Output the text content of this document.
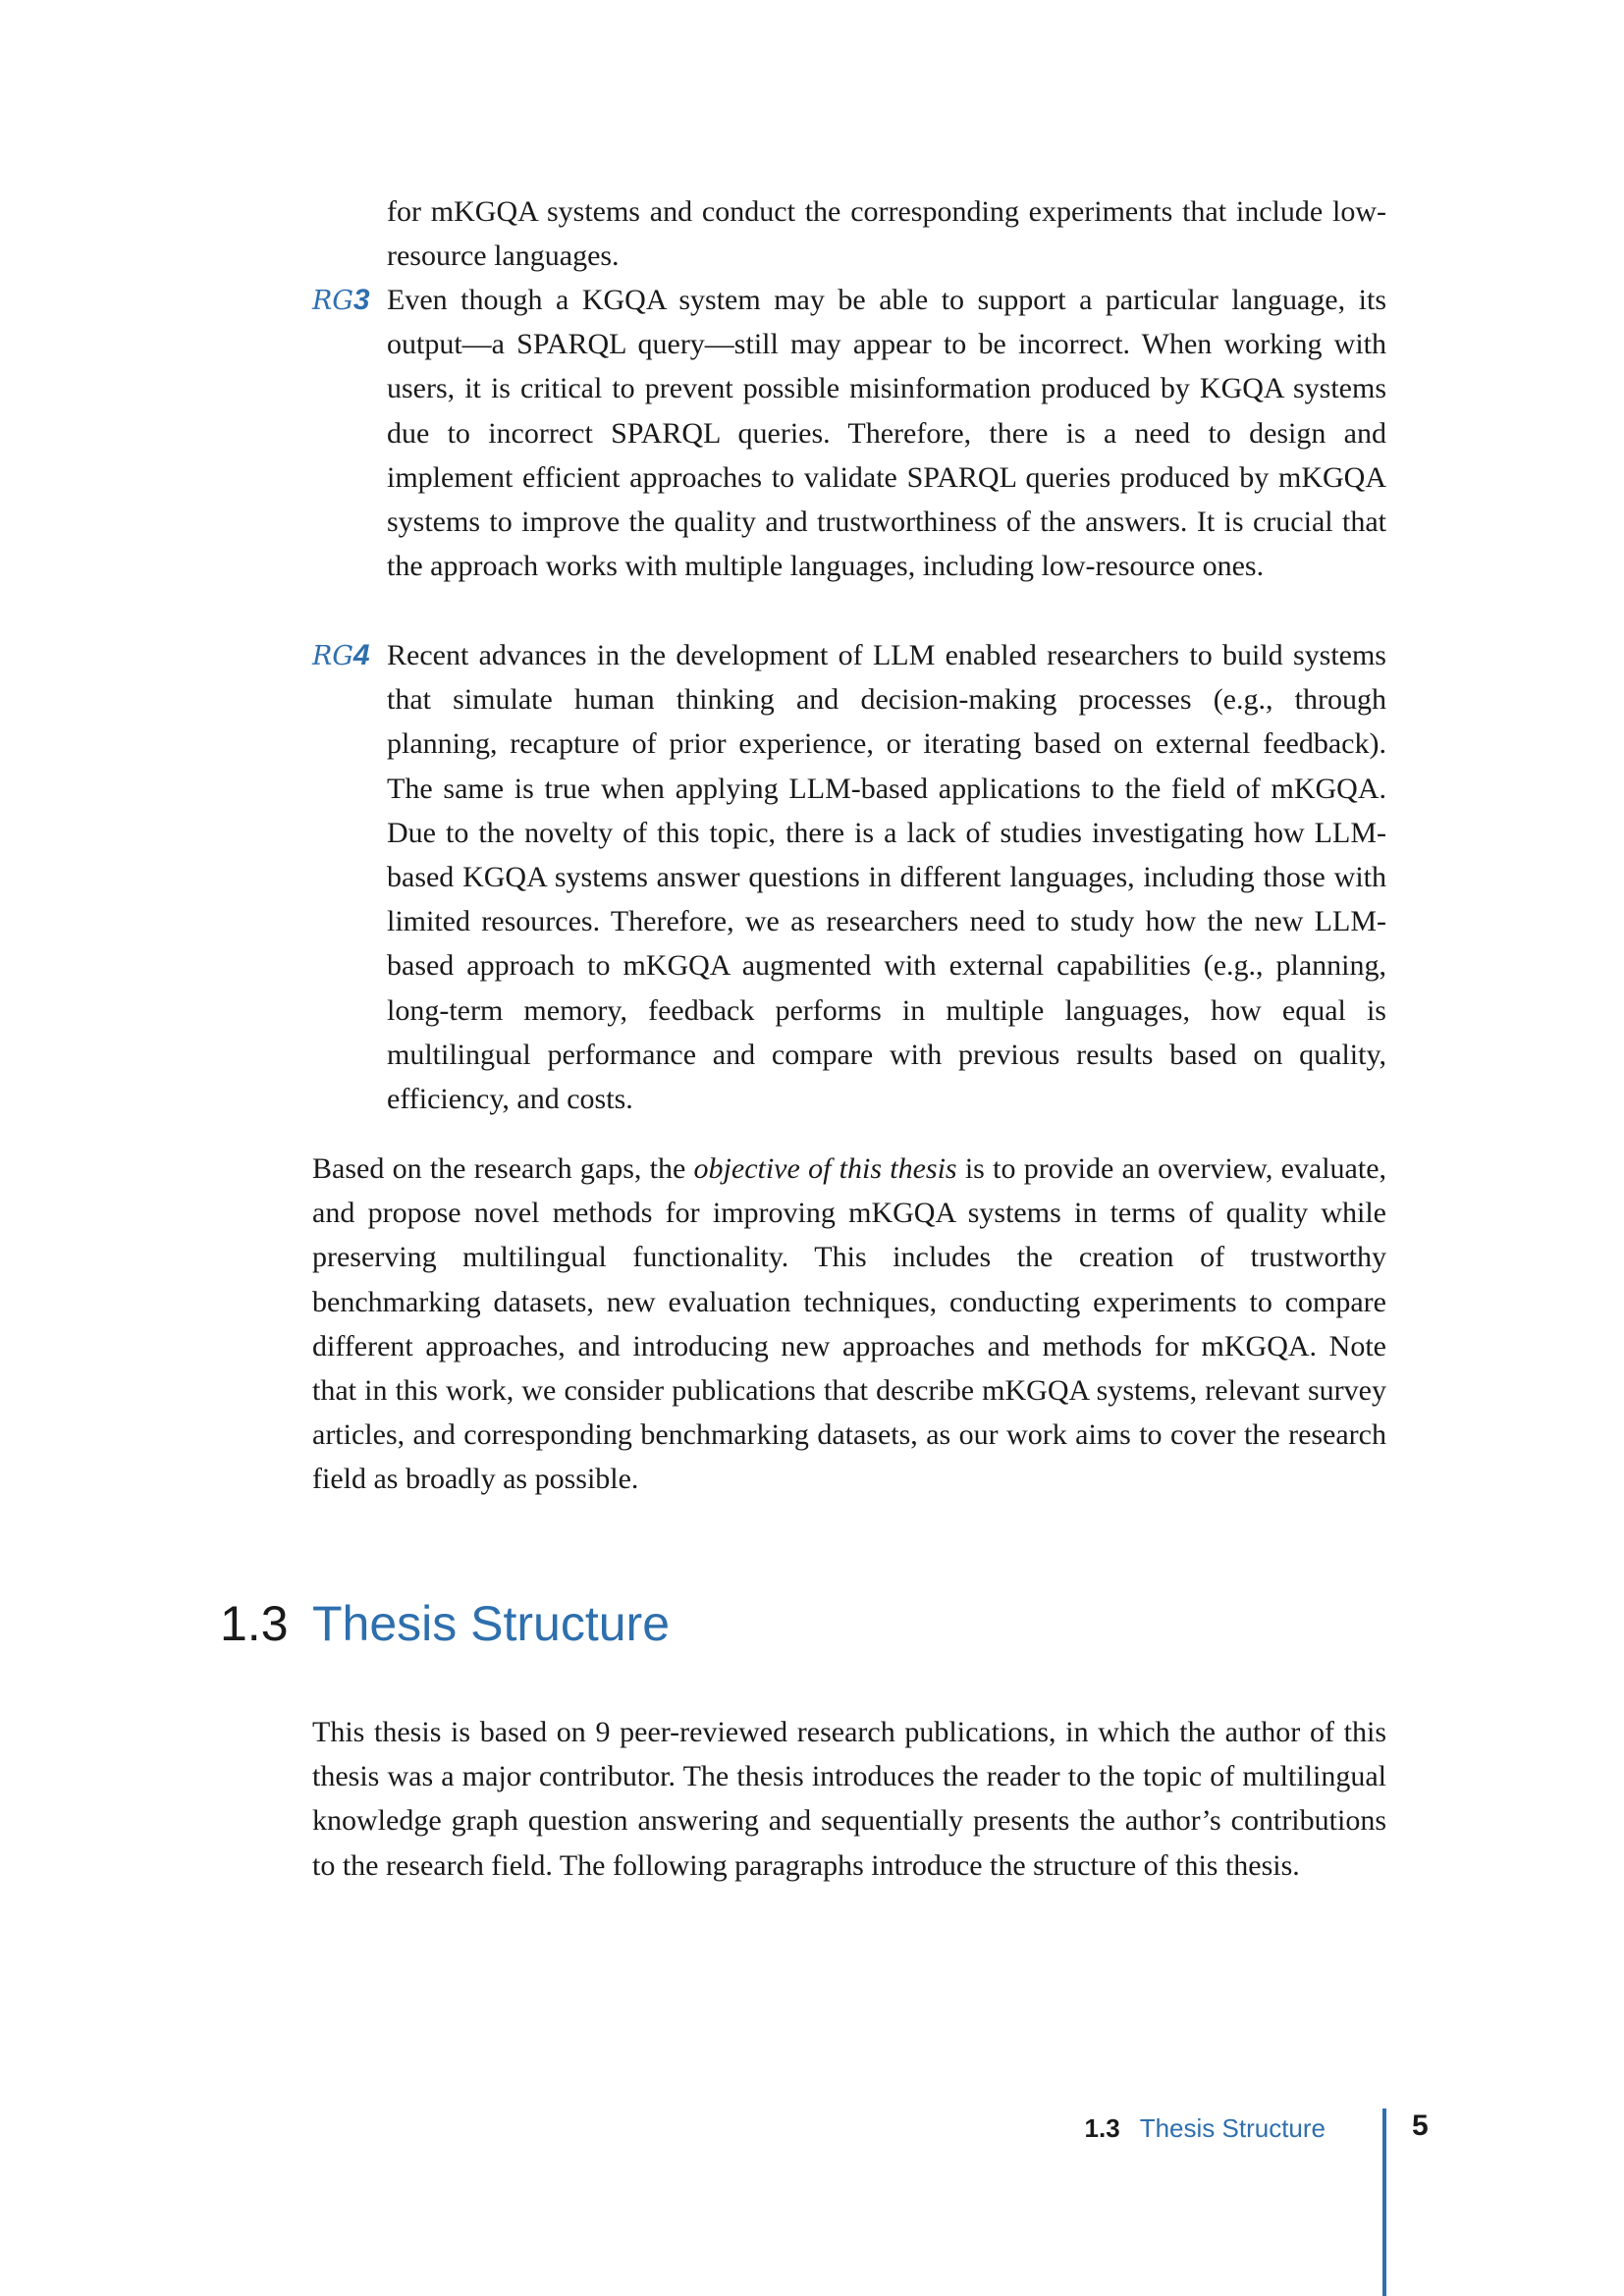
for mKGQA systems and conduct the corresponding experiments that include low-resource languages.

RG3 Even though a KGQA system may be able to support a particular language, its output—a SPARQL query—still may appear to be incorrect. When working with users, it is critical to prevent possible misinformation produced by KGQA systems due to incorrect SPARQL queries. Therefore, there is a need to design and implement efficient approaches to validate SPARQL queries produced by mKGQA systems to improve the quality and trustworthiness of the answers. It is crucial that the approach works with multiple languages, including low-resource ones.

RG4 Recent advances in the development of LLM enabled researchers to build systems that simulate human thinking and decision-making processes (e.g., through planning, recapture of prior experience, or iterating based on external feedback). The same is true when applying LLM-based applications to the field of mKGQA. Due to the novelty of this topic, there is a lack of studies investigating how LLM-based KGQA systems answer questions in different languages, including those with limited resources. Therefore, we as researchers need to study how the new LLM-based approach to mKGQA augmented with external capabilities (e.g., planning, long-term memory, feedback performs in multiple languages, how equal is multilingual performance and compare with previous results based on quality, efficiency, and costs.

Based on the research gaps, the objective of this thesis is to provide an overview, evaluate, and propose novel methods for improving mKGQA systems in terms of quality while preserving multilingual functionality. This includes the creation of trustworthy benchmarking datasets, new evaluation techniques, conducting experiments to compare different approaches, and introducing new approaches and methods for mKGQA. Note that in this work, we consider publications that describe mKGQA systems, relevant survey articles, and corresponding benchmarking datasets, as our work aims to cover the research field as broadly as possible.

1.3 Thesis Structure

This thesis is based on 9 peer-reviewed research publications, in which the author of this thesis was a major contributor. The thesis introduces the reader to the topic of multilingual knowledge graph question answering and sequentially presents the author’s contributions to the research field. The following paragraphs introduce the structure of this thesis.

1.3 Thesis Structure	5
